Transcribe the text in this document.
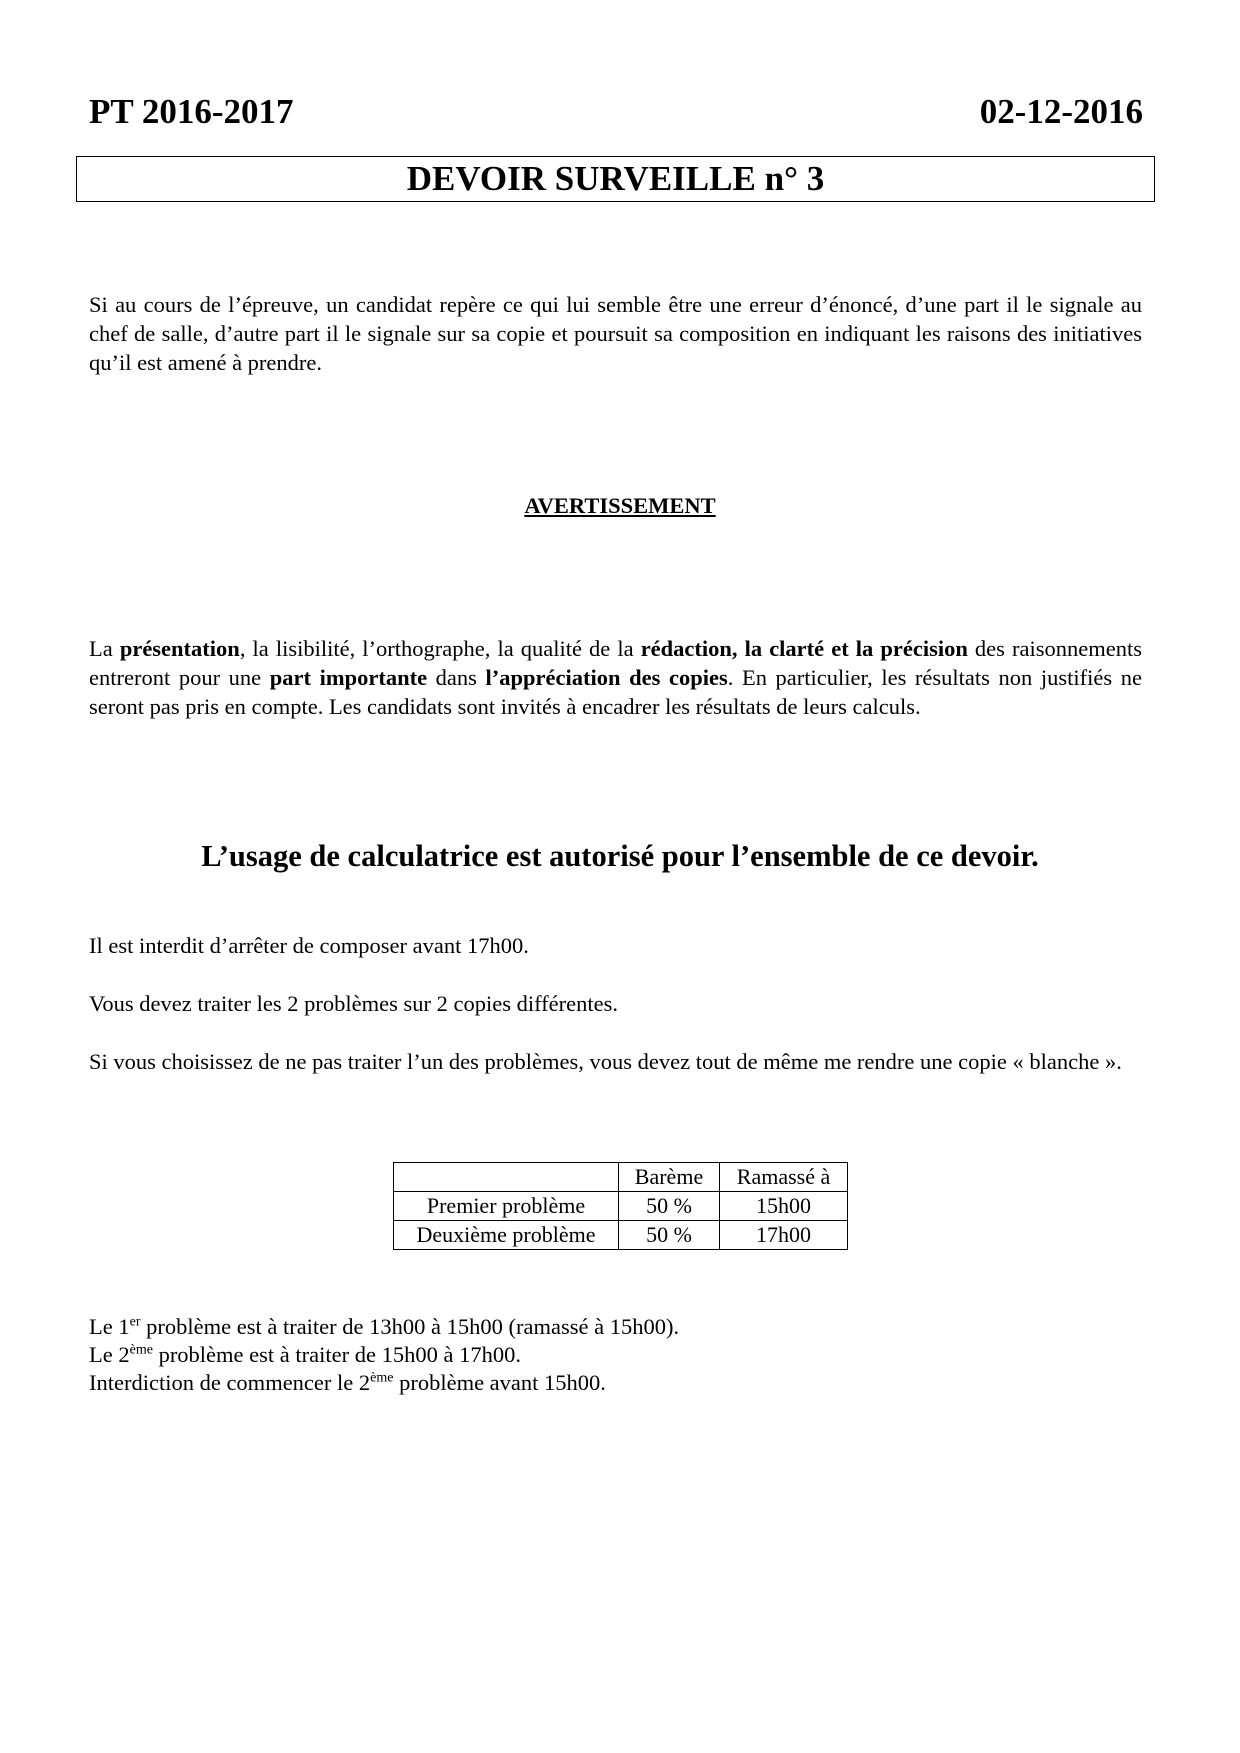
PT 2016-2017	02-12-2016
DEVOIR SURVEILLE n° 3
Si au cours de l’épreuve, un candidat repère ce qui lui semble être une erreur d’énoncé, d’une part il le signale au chef de salle, d’autre part il le signale sur sa copie et poursuit sa composition en indiquant les raisons des initiatives qu’il est amené à prendre.
AVERTISSEMENT
La présentation, la lisibilité, l’orthographe, la qualité de la rédaction, la clarté et la précision des raisonnements entreront pour une part importante dans l’appréciation des copies. En particulier, les résultats non justifiés ne seront pas pris en compte. Les candidats sont invités à encadrer les résultats de leurs calculs.
L’usage de calculatrice est autorisé pour l’ensemble de ce devoir.
Il est interdit d’arrêter de composer avant 17h00.
Vous devez traiter les 2 problèmes sur 2 copies différentes.
Si vous choisissez de ne pas traiter l’un des problèmes, vous devez tout de même me rendre une copie « blanche ».
	Barème	Ramassé à
Premier problème	50 %	15h00
Deuxième problème	50 %	17h00
Le 1er problème est à traiter de 13h00 à 15h00 (ramassé à 15h00).
Le 2ème problème est à traiter de 15h00 à 17h00.
Interdiction de commencer le 2ème problème avant 15h00.
